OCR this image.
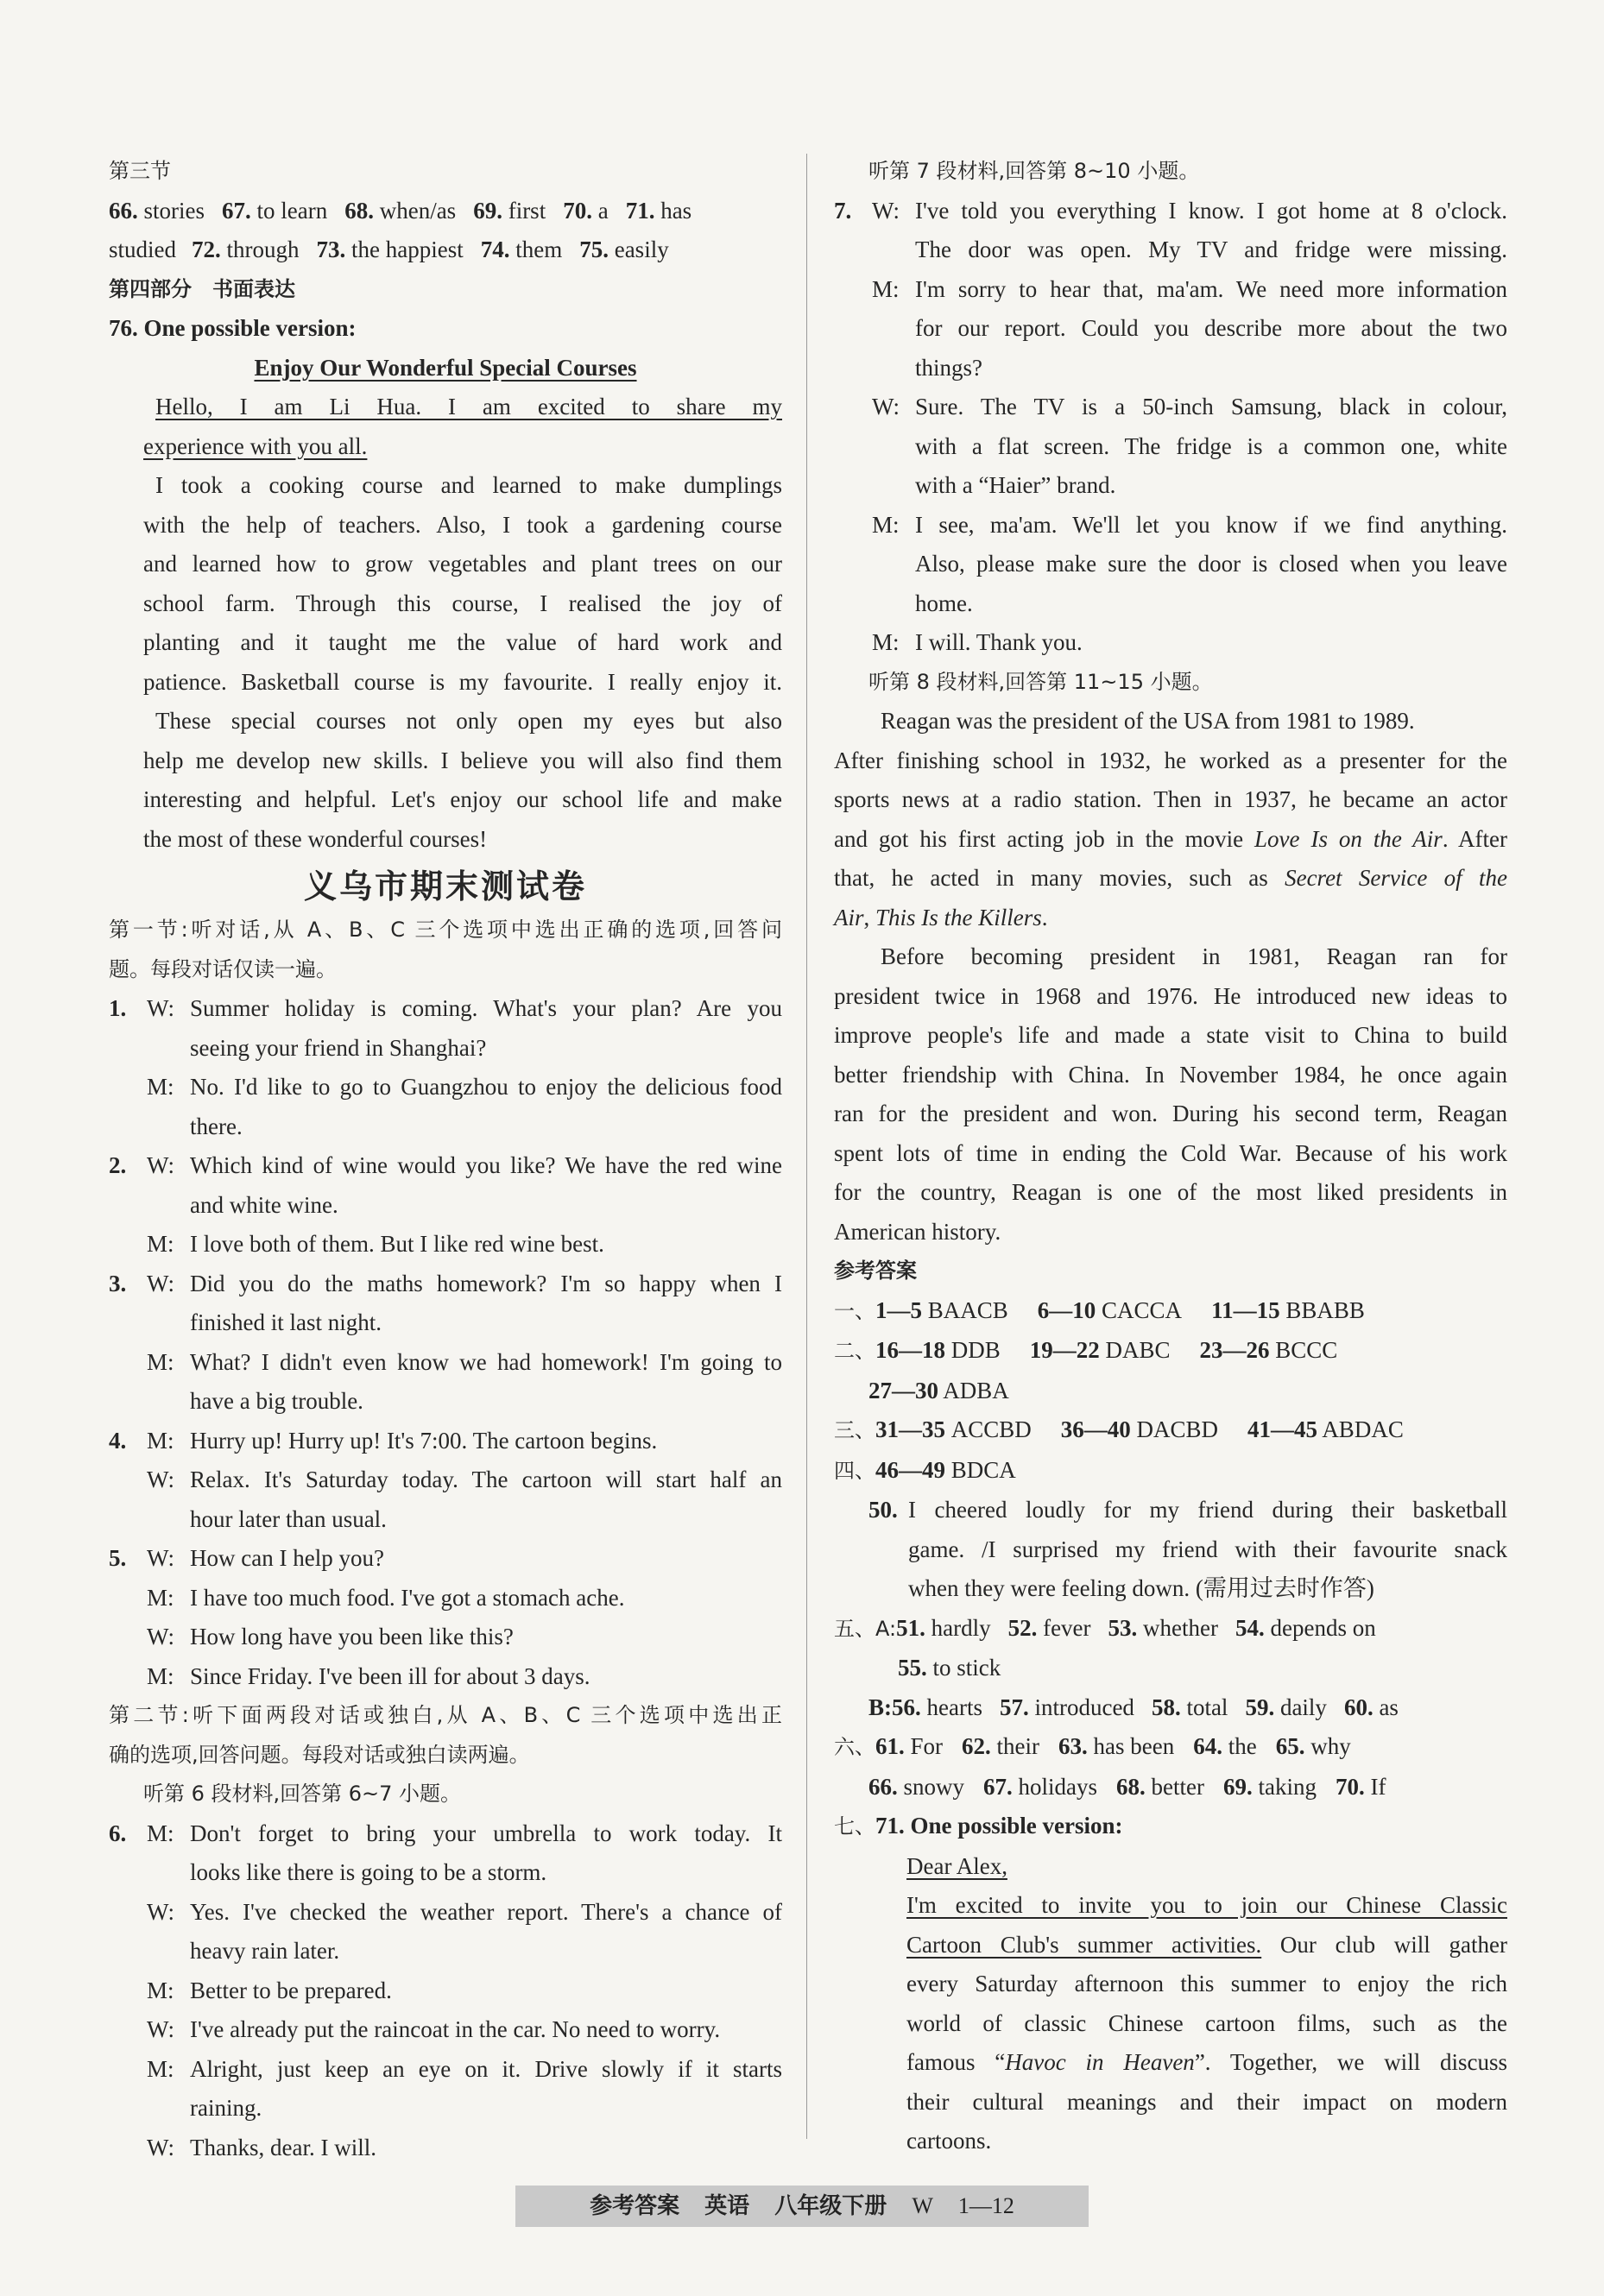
第三节
66. stories 67. to learn 68. when/as 69. first 70. a 71. has
studied 72. through 73. the happiest 74. them 75. easily
第四部分　书面表达
76. One possible version:
Enjoy Our Wonderful Special Courses
Hello, I am Li Hua. I am excited to share my
experience with you all.
I took a cooking course and learned to make dumplings
with the help of teachers. Also, I took a gardening course
and learned how to grow vegetables and plant trees on our
school farm. Through this course, I realised the joy of
planting and it taught me the value of hard work and
patience. Basketball course is my favourite. I really enjoy it.
These special courses not only open my eyes but also
help me develop new skills. I believe you will also find them
interesting and helpful. Let's enjoy our school life and make
the most of these wonderful courses!
义乌市期末测试卷
第一节:听对话,从 A、B、C 三个选项中选出正确的选项,回答问
题。每段对话仅读一遍。
1. W: Summer holiday is coming. What's your plan? Are you
seeing your friend in Shanghai?
M: No. I'd like to go to Guangzhou to enjoy the delicious food
there.
2. W: Which kind of wine would you like? We have the red wine
and white wine.
M: I love both of them. But I like red wine best.
3. W: Did you do the maths homework? I'm so happy when I
finished it last night.
M: What? I didn't even know we had homework! I'm going to
have a big trouble.
4. M: Hurry up! Hurry up! It's 7:00. The cartoon begins.
W: Relax. It's Saturday today. The cartoon will start half an
hour later than usual.
5. W: How can I help you?
M: I have too much food. I've got a stomach ache.
W: How long have you been like this?
M: Since Friday. I've been ill for about 3 days.
第二节:听下面两段对话或独白,从 A、B、C 三个选项中选出正
确的选项,回答问题。每段对话或独白读两遍。
听第 6 段材料,回答第 6~7 小题。
6. M: Don't forget to bring your umbrella to work today. It
looks like there is going to be a storm.
W: Yes. I've checked the weather report. There's a chance of
heavy rain later.
M: Better to be prepared.
W: I've already put the raincoat in the car. No need to worry.
M: Alright, just keep an eye on it. Drive slowly if it starts
raining.
W: Thanks, dear. I will.
听第 7 段材料,回答第 8~10 小题。
7. W: I've told you everything I know. I got home at 8 o'clock.
The door was open. My TV and fridge were missing.
M: I'm sorry to hear that, ma'am. We need more information
for our report. Could you describe more about the two
things?
W: Sure. The TV is a 50-inch Samsung, black in colour,
with a flat screen. The fridge is a common one, white
with a “Haier” brand.
M: I see, ma'am. We'll let you know if we find anything.
Also, please make sure the door is closed when you leave
home.
M: I will. Thank you.
听第 8 段材料,回答第 11~15 小题。
Reagan was the president of the USA from 1981 to 1989.
After finishing school in 1932, he worked as a presenter for the
sports news at a radio station. Then in 1937, he became an actor
and got his first acting job in the movie Love Is on the Air. After
that, he acted in many movies, such as Secret Service of the
Air, This Is the Killers.
Before becoming president in 1981, Reagan ran for
president twice in 1968 and 1976. He introduced new ideas to
improve people's life and made a state visit to China to build
better friendship with China. In November 1984, he once again
ran for the president and won. During his second term, Reagan
spent lots of time in ending the Cold War. Because of his work
for the country, Reagan is one of the most liked presidents in
American history.
参考答案
一、1—5 BAACB 6—10 CACCA 11—15 BBABB
二、16—18 DDB 19—22 DABC 23—26 BCCC
27—30 ADBA
三、31—35 ACCBD 36—40 DACBD 41—45 ABDAC
四、46—49 BDCA
50. I cheered loudly for my friend during their basketball
game. /I surprised my friend with their favourite snack
when they were feeling down. (需用过去时作答)
五、A:51. hardly 52. fever 53. whether 54. depends on
55. to stick
B:56. hearts 57. introduced 58. total 59. daily 60. as
六、61. For 62. their 63. has been 64. the 65. why
66. snowy 67. holidays 68. better 69. taking 70. If
七、71. One possible version:
Dear Alex,
I'm excited to invite you to join our Chinese Classic
Cartoon Club's summer activities. Our club will gather
every Saturday afternoon this summer to enjoy the rich
world of classic Chinese cartoon films, such as the
famous “Havoc in Heaven”. Together, we will discuss
their cultural meanings and their impact on modern
cartoons.
参考答案 英语 八年级下册 W 1—12
